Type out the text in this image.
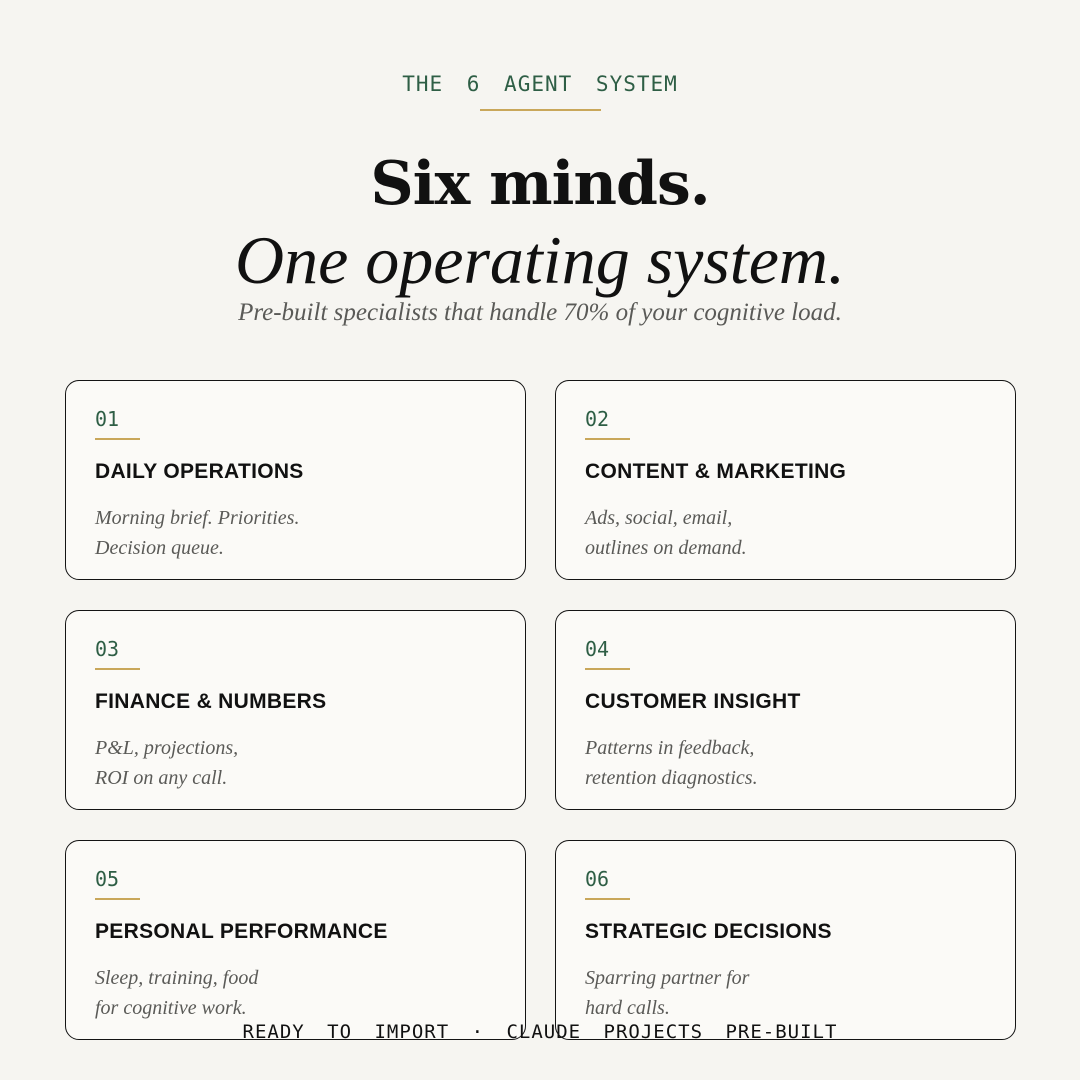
THE 6 AGENT SYSTEM
Six minds.
One operating system.
Pre-built specialists that handle 70% of your cognitive load.
01
DAILY OPERATIONS
Morning brief. Priorities.
Decision queue.
02
CONTENT & MARKETING
Ads, social, email,
outlines on demand.
03
FINANCE & NUMBERS
P&L, projections,
ROI on any call.
04
CUSTOMER INSIGHT
Patterns in feedback,
retention diagnostics.
05
PERSONAL PERFORMANCE
Sleep, training, food
for cognitive work.
06
STRATEGIC DECISIONS
Sparring partner for
hard calls.
READY TO IMPORT · CLAUDE PROJECTS PRE-BUILT
